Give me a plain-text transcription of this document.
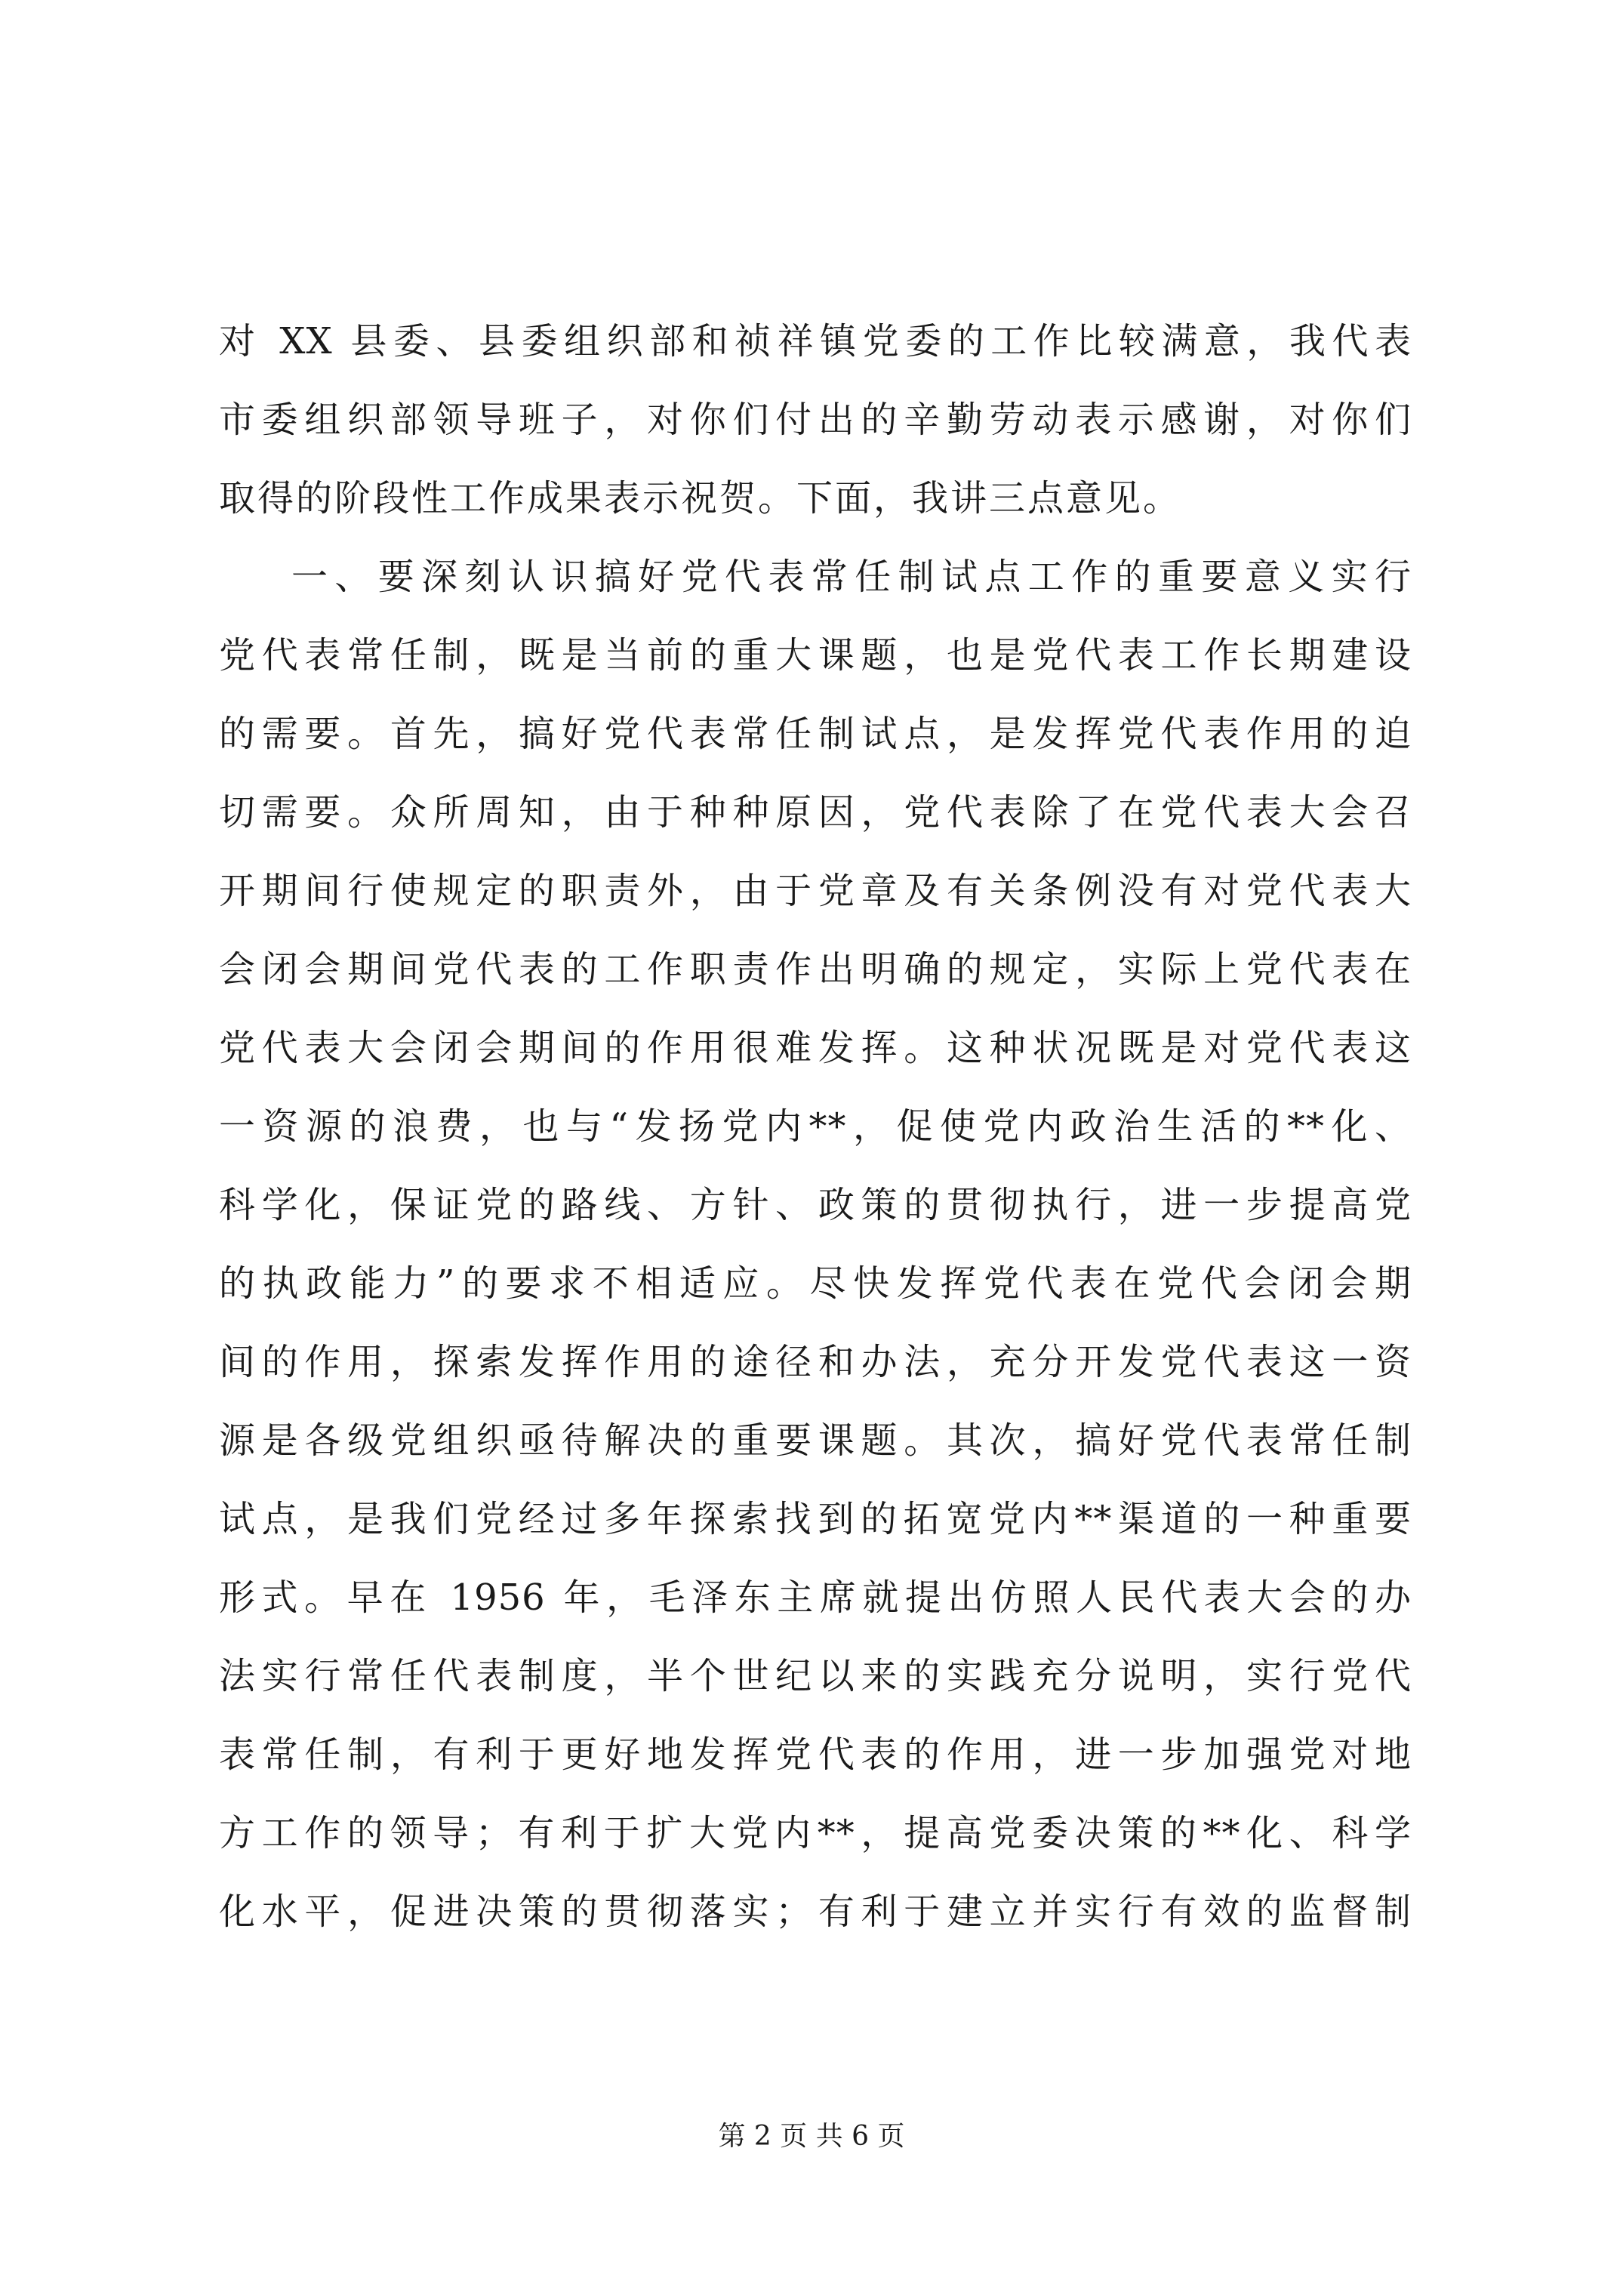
对 XX 县委、县委组织部和祯祥镇党委的工作比较满意，我代表
市委组织部领导班子，对你们付出的辛勤劳动表示感谢，对你们
取得的阶段性工作成果表示祝贺。下面，我讲三点意见。
一、要深刻认识搞好党代表常任制试点工作的重要意义实行
党代表常任制，既是当前的重大课题，也是党代表工作长期建设
的需要。首先，搞好党代表常任制试点，是发挥党代表作用的迫
切需要。众所周知，由于种种原因，党代表除了在党代表大会召
开期间行使规定的职责外，由于党章及有关条例没有对党代表大
会闭会期间党代表的工作职责作出明确的规定，实际上党代表在
党代表大会闭会期间的作用很难发挥。这种状况既是对党代表这
一资源的浪费，也与“发扬党内**，促使党内政治生活的**化、
科学化，保证党的路线、方针、政策的贯彻执行，进一步提高党
的执政能力”的要求不相适应。尽快发挥党代表在党代会闭会期
间的作用，探索发挥作用的途径和办法，充分开发党代表这一资
源是各级党组织亟待解决的重要课题。其次，搞好党代表常任制
试点，是我们党经过多年探索找到的拓宽党内**渠道的一种重要
形式。早在 1956 年，毛泽东主席就提出仿照人民代表大会的办
法实行常任代表制度，半个世纪以来的实践充分说明，实行党代
表常任制，有利于更好地发挥党代表的作用，进一步加强党对地
方工作的领导；有利于扩大党内**，提高党委决策的**化、科学
化水平，促进决策的贯彻落实；有利于建立并实行有效的监督制
第 2 页 共 6 页
